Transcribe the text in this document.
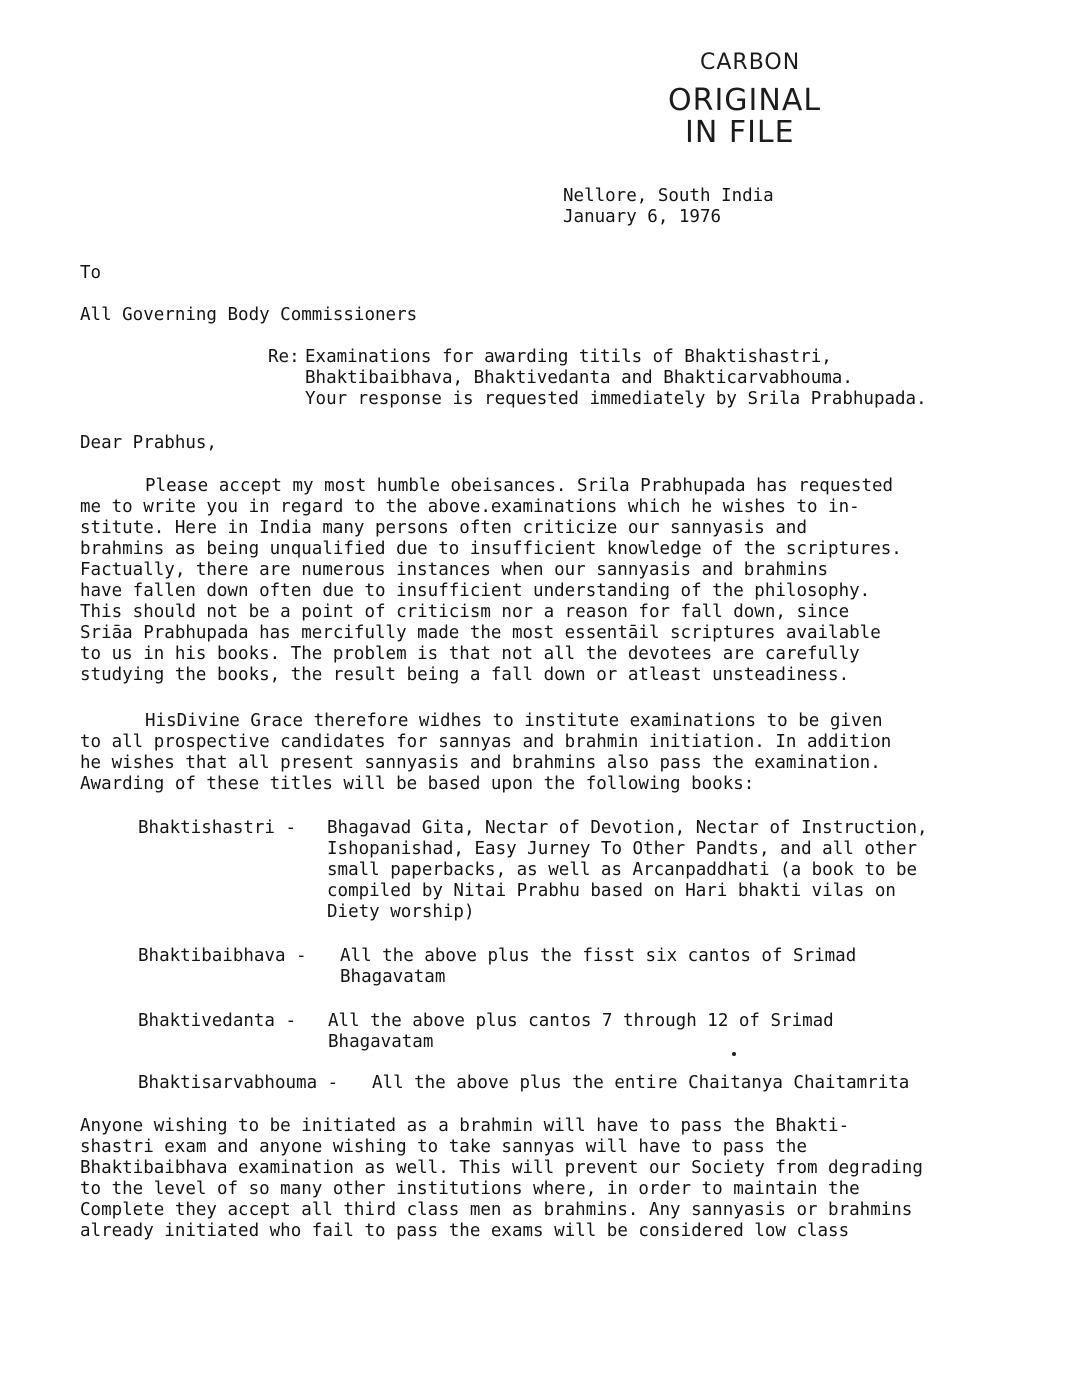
CARBON
ORIGINAL
IN FILE
Nellore, South India
January 6, 1976
To
All Governing Body Commissioners
Re: Examinations for awarding titils of Bhaktishastri,
Bhaktibaibhava, Bhaktivedanta and Bhakticarvabhouma.
Your response is requested immediately by Srila Prabhupada.
Dear Prabhus,
Please accept my most humble obeisances. Srila Prabhupada has requested
me to write you in regard to the above.examinations which he wishes to in-
stitute. Here in India many persons often criticize our sannyasis and
brahmins as being unqualified due to insufficient knowledge of the scriptures.
Factually, there are numerous instances when our sannyasis and brahmins
have fallen down often due to insufficient understanding of the philosophy.
This should not be a point of criticism nor a reason for fall down, since
Sriāa Prabhupada has mercifully made the most essentāil scriptures available
to us in his books. The problem is that not all the devotees are carefully
studying the books, the result being a fall down or atleast unsteadiness.
HisDivine Grace therefore widhes to institute examinations to be given
to all prospective candidates for sannyas and brahmin initiation. In addition
he wishes that all present sannyasis and brahmins also pass the examination.
Awarding of these titles will be based upon the following books:
Bhaktishastri - Bhagavad Gita, Nectar of Devotion, Nectar of Instruction,
Ishopanishad, Easy Jurney To Other Pandts, and all other
small paperbacks, as well as Arcanpaddhati (a book to be
compiled by Nitai Prabhu based on Hari bhakti vilas on
Diety worship)
Bhaktibaibhava - All the above plus the fisst six cantos of Srimad
Bhagavatam
Bhaktivedanta - All the above plus cantos 7 through 12 of Srimad
Bhagavatam
Bhaktisarvabhouma - All the above plus the entire Chaitanya Chaitamrita
Anyone wishing to be initiated as a brahmin will have to pass the Bhakti-
shastri exam and anyone wishing to take sannyas will have to pass the
Bhaktibaibhava examination as well. This will prevent our Society from degrading
to the level of so many other institutions where, in order to maintain the
Complete they accept all third class men as brahmins. Any sannyasis or brahmins
already initiated who fail to pass the exams will be considered low class
